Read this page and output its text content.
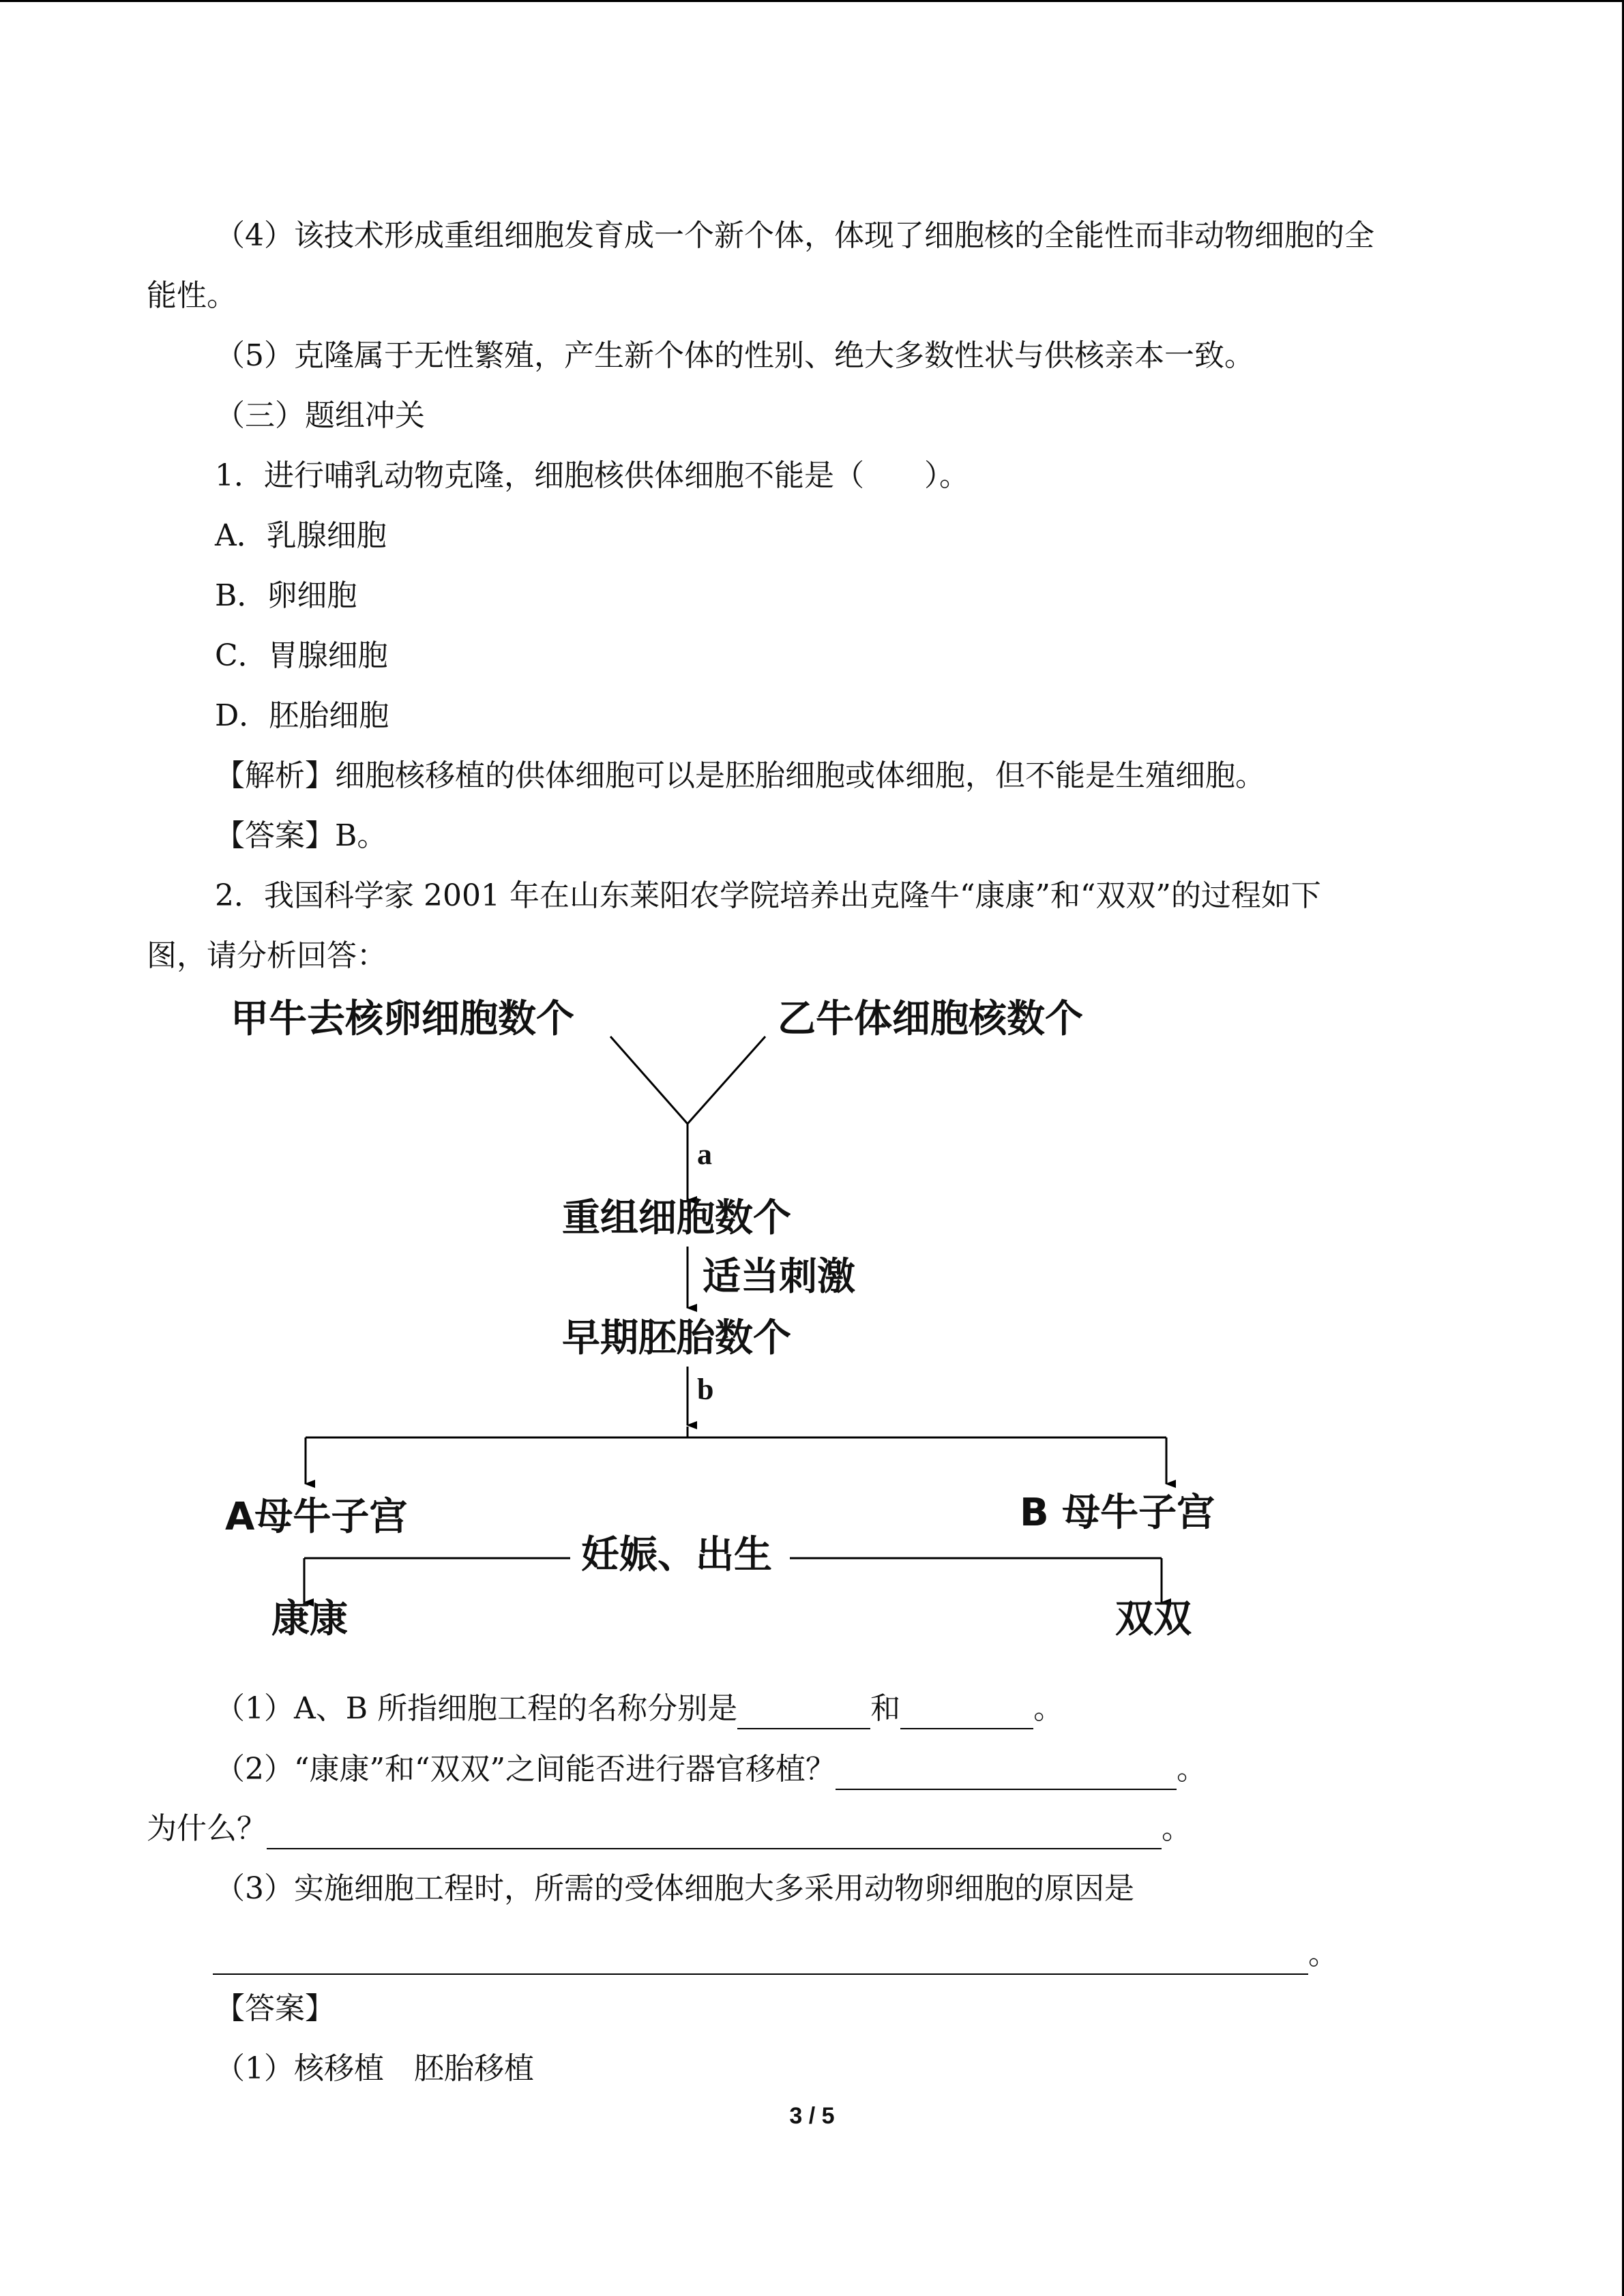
（4）该技术形成重组细胞发育成一个新个体，体现了细胞核的全能性而非动物细胞的全
能性。
（5）克隆属于无性繁殖，产生新个体的性别、绝大多数性状与供核亲本一致。
（三）题组冲关
1．进行哺乳动物克隆，细胞核供体细胞不能是（　　）。
A．乳腺细胞
B．卵细胞
C．胃腺细胞
D．胚胎细胞
【解析】细胞核移植的供体细胞可以是胚胎细胞或体细胞，但不能是生殖细胞。
【答案】B。
2．我国科学家 2001 年在山东莱阳农学院培养出克隆牛“康康”和“双双”的过程如下
图，请分析回答：
甲牛去核卵细胞数个	乙牛体细胞核数个
a
重组细胞数个
适当刺激
早期胚胎数个
b
A母牛子宫	B 母牛子宫
妊娠、出生
康康	双双
（1）A、B 所指细胞工程的名称分别是	和	。
（2）“康康”和“双双”之间能否进行器官移植？	。
为什么？	。
（3）实施细胞工程时，所需的受体细胞大多采用动物卵细胞的原因是
。
【答案】
（1）核移植　胚胎移植
3 / 5
